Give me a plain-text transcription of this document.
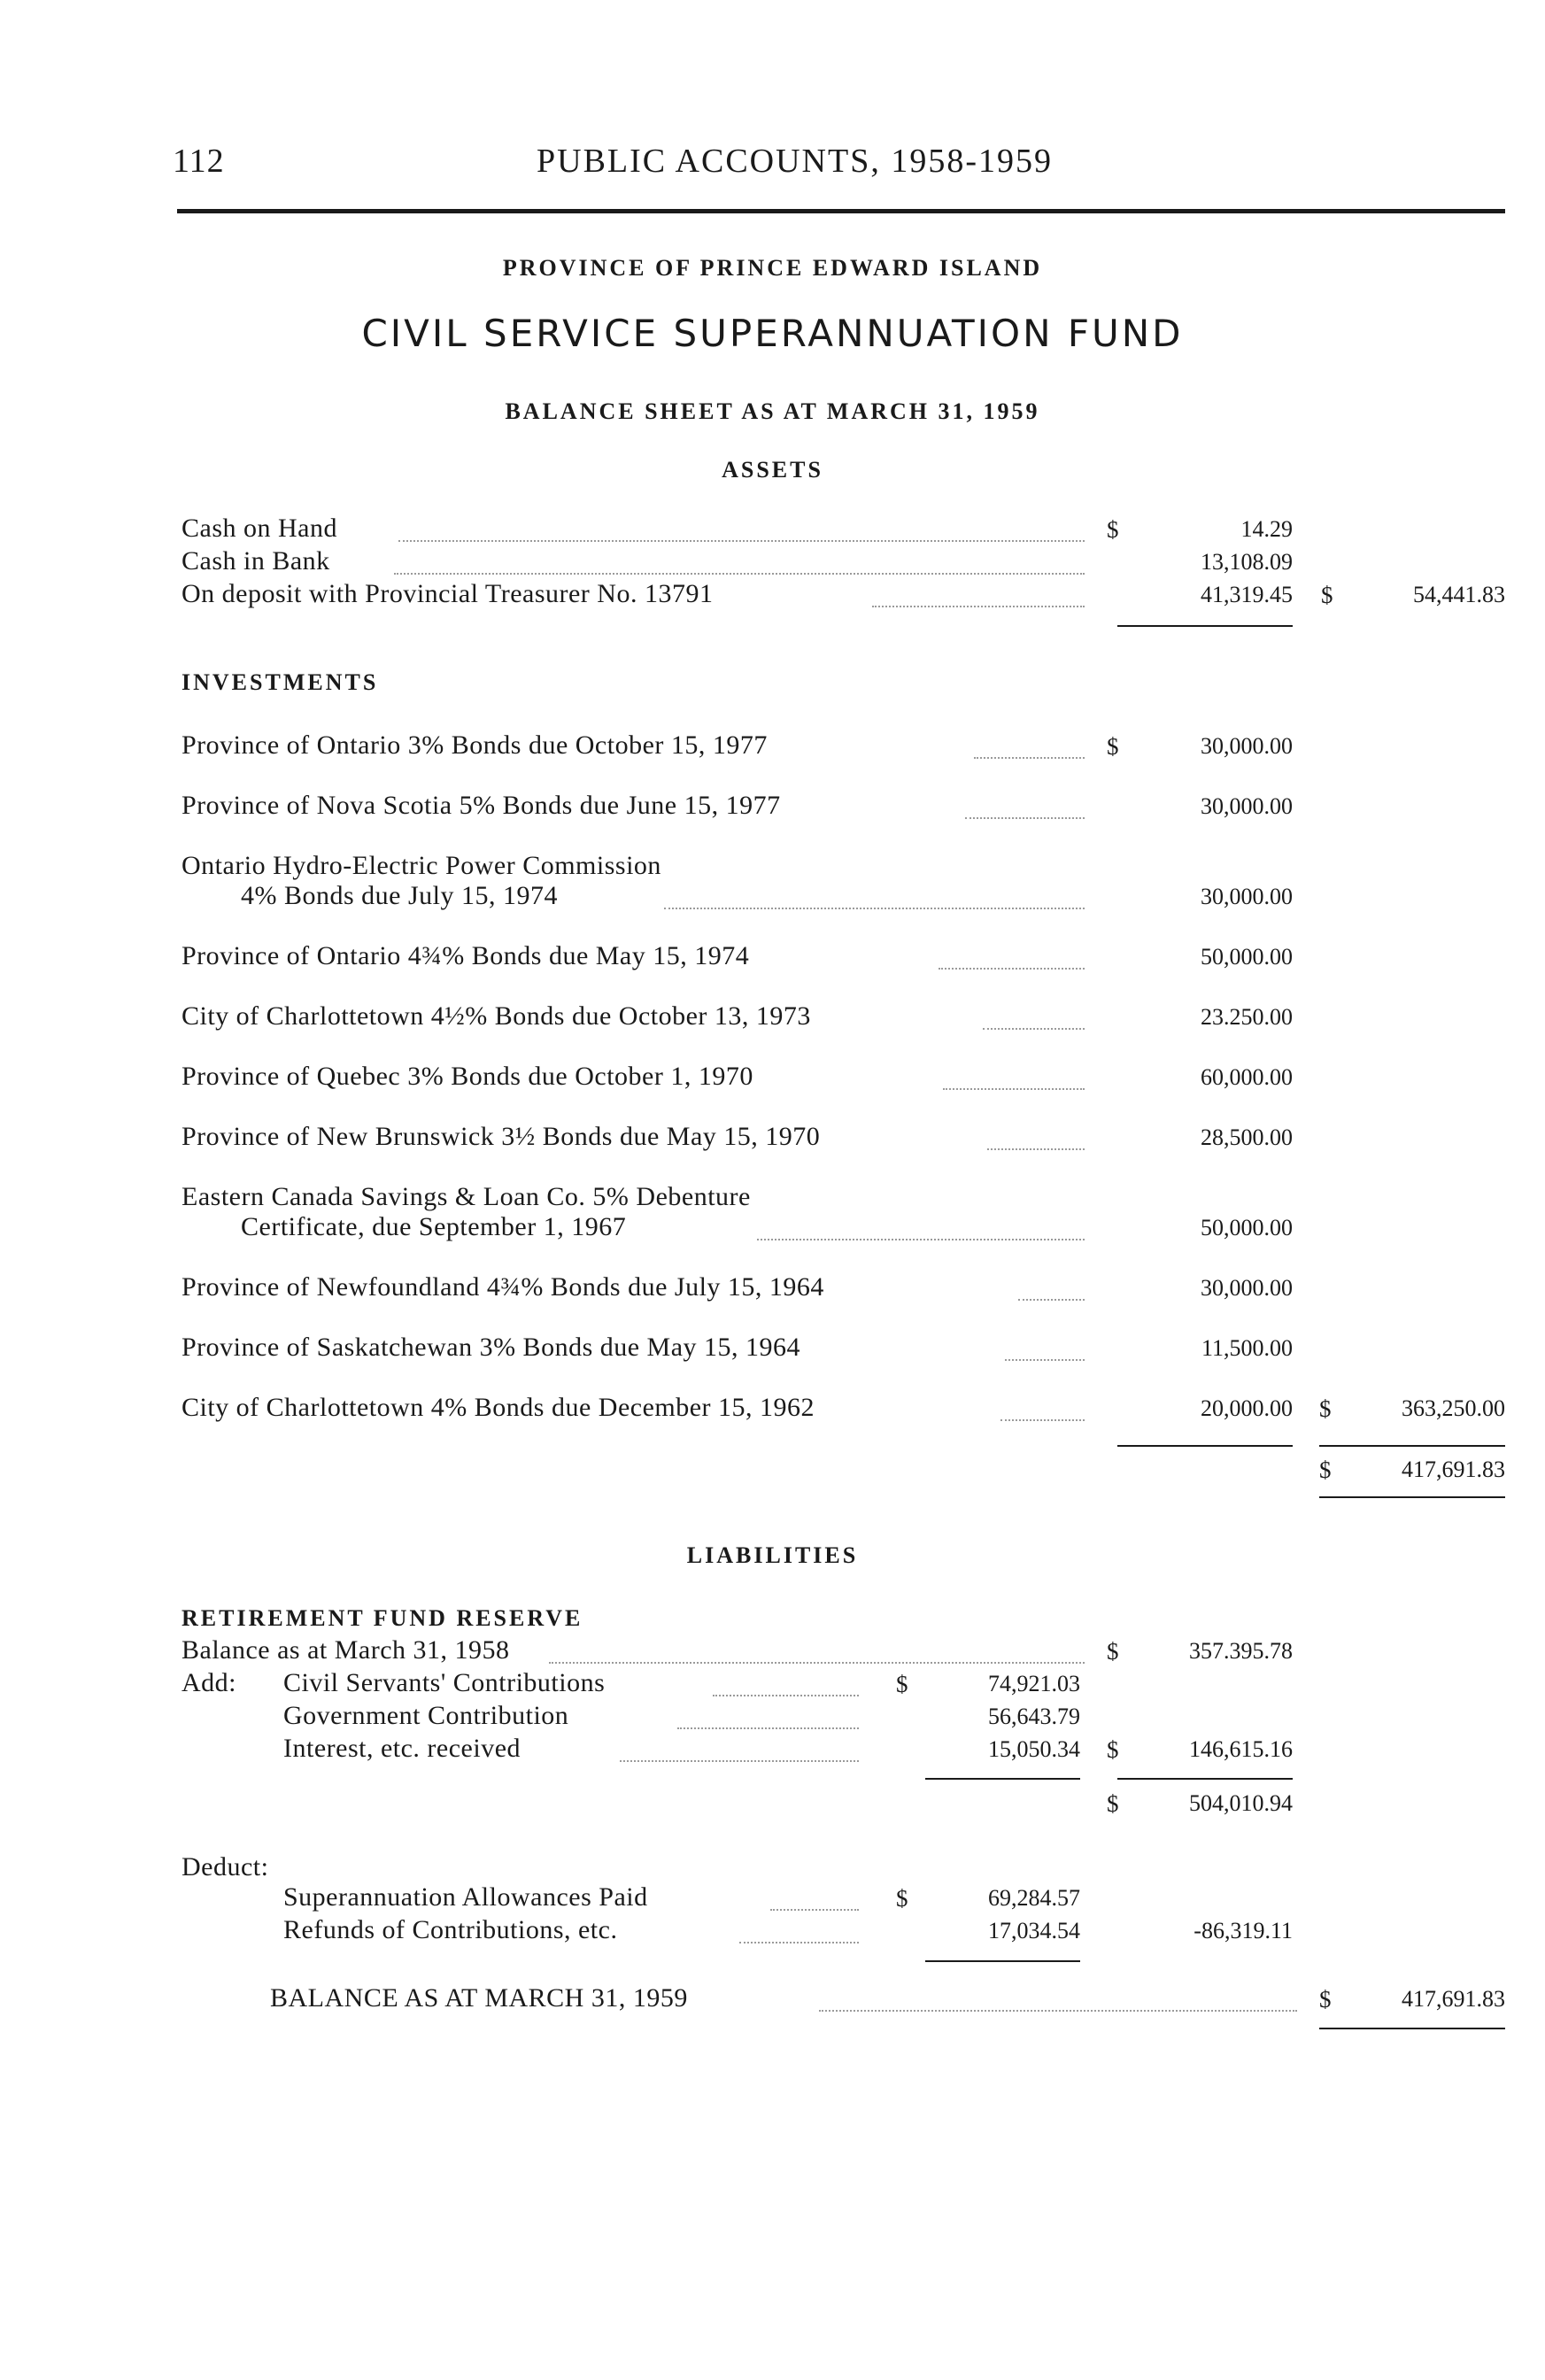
112	PUBLIC ACCOUNTS, 1958-1959
PROVINCE OF PRINCE EDWARD ISLAND
CIVIL SERVICE SUPERANNUATION FUND
BALANCE SHEET AS AT MARCH 31, 1959
ASSETS
Cash on Hand	$	14.29
Cash in Bank	13,108.09
On deposit with Provincial Treasurer No. 13791	41,319.45 $	54,441.83
INVESTMENTS
Province of Ontario 3% Bonds due October 15, 1977	$	30,000.00
Province of Nova Scotia 5% Bonds due June 15, 1977	30,000.00
Ontario Hydro-Electric Power Commission
4% Bonds due July 15, 1974	30,000.00
Province of Ontario 4¾% Bonds due May 15, 1974	50,000.00
City of Charlottetown 4½% Bonds due October 13, 1973	23.250.00
Province of Quebec 3% Bonds due October 1, 1970	60,000.00
Province of New Brunswick 3½ Bonds due May 15, 1970	28,500.00
Eastern Canada Savings & Loan Co. 5% Debenture
Certificate, due September 1, 1967	50,000.00
Province of Newfoundland 4¾% Bonds due July 15, 1964	30,000.00
Province of Saskatchewan 3% Bonds due May 15, 1964	11,500.00
City of Charlottetown 4% Bonds due December 15, 1962	20,000.00 $	363,250.00
$	417,691.83
LIABILITIES
RETIREMENT FUND RESERVE
Balance as at March 31, 1958	$	357.395.78
Add: Civil Servants' Contributions	$	74,921.03
Government Contribution	56,643.79
Interest, etc. received	15,050.34 $	146,615.16
$	504,010.94
Deduct:
Superannuation Allowances Paid	$	69,284.57
Refunds of Contributions, etc.	17,034.54	-86,319.11
BALANCE AS AT MARCH 31, 1959	$	417,691.83
